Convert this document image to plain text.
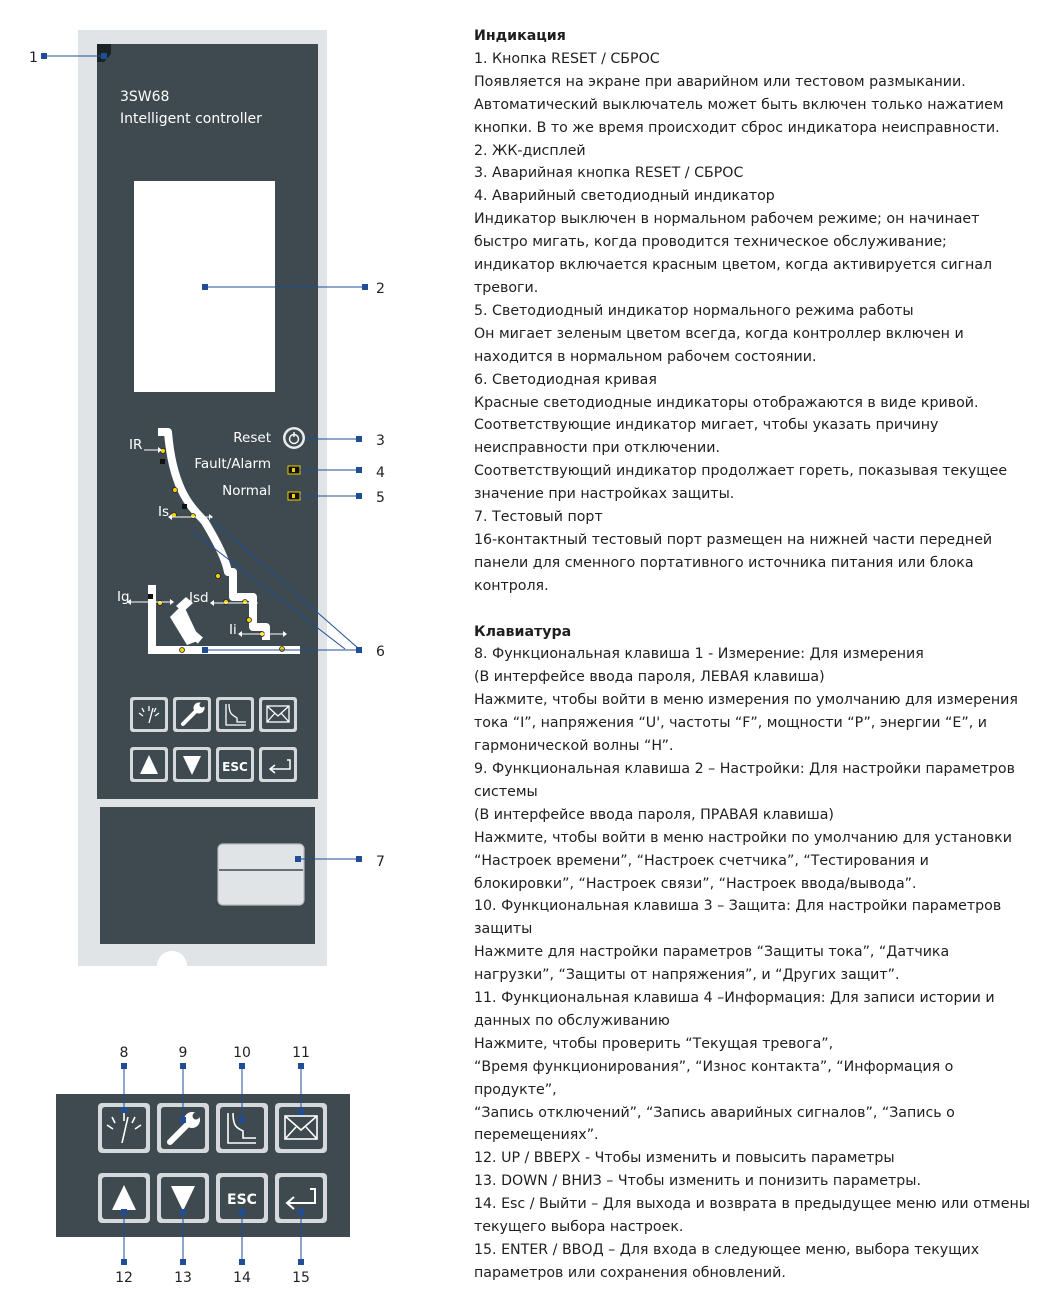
3SW68
Intelligent controller
Reset
Fault/Alarm
Normal
IR
Is
Ig	Isd
Ii
ESC
ESC
1
2
3
4
5
6
7
8	9	10	11
12	13	14	15

Индикация

1. Кнопка RESET / СБРОС

Появляется на экране при аварийном или тестовом размыкании.

Автоматический выключатель может быть включен только нажатием

кнопки. В то же время происходит сброс индикатора неисправности.

2. ЖК-дисплей

3. Аварийная кнопка RESET / СБРОС

4. Аварийный светодиодный индикатор

Индикатор выключен в нормальном рабочем режиме; он начинает

быстро мигать, когда проводится техническое обслуживание;

индикатор включается красным цветом, когда активируется сигнал

тревоги.

5. Светодиодный индикатор нормального режима работы

Он мигает зеленым цветом всегда, когда контроллер включен и

находится в нормальном рабочем состоянии.

6. Светодиодная кривая

Красные светодиодные индикаторы отображаются в виде кривой.

Соответствующие индикатор мигает, чтобы указать причину

неисправности при отключении.

Соответствующий индикатор продолжает гореть, показывая текущее

значение при настройках защиты.

7. Тестовый порт

16-контактный тестовый порт размещен на нижней части передней

панели для сменного портативного источника питания или блока

контроля.

Клавиатура

8. Функциональная клавиша 1 - Измерение: Для измерения

(В интерфейсе ввода пароля, ЛЕВАЯ клавиша)

Нажмите, чтобы войти в меню измерения по умолчанию для измерения

тока “I”, напряжения “U', частоты “F”, мощности “P”, энергии “E”, и

гармонической волны “H”.

9. Функциональная клавиша 2 – Настройки: Для настройки параметров

системы

(В интерфейсе ввода пароля, ПРАВАЯ клавиша)

Нажмите, чтобы войти в меню настройки по умолчанию для установки

“Настроек времени”, “Настроек счетчика”, “Тестирования и

блокировки”, “Настроек связи”, “Настроек ввода/вывода”.

10. Функциональная клавиша 3 – Защита: Для настройки параметров

защиты

Нажмите для настройки параметров “Защиты тока”, “Датчика

нагрузки”, “Защиты от напряжения”, и “Других защит”.

11. Функциональная клавиша 4 –Информация: Для записи истории и

данных по обслуживанию

Нажмите, чтобы проверить “Текущая тревога”,

“Время функционирования”, “Износ контакта”, “Информация о

продукте”,

“Запись отключений”, “Запись аварийных сигналов”, “Запись о

перемещениях”.

12. UP / ВВЕРХ - Чтобы изменить и повысить параметры

13. DOWN / ВНИЗ – Чтобы изменить и понизить параметры.

14. Esc / Выйти – Для выхода и возврата в предыдущее меню или отмены

текущего выбора настроек.

15. ENTER / ВВОД – Для входа в следующее меню, выбора текущих

параметров или сохранения обновлений.
